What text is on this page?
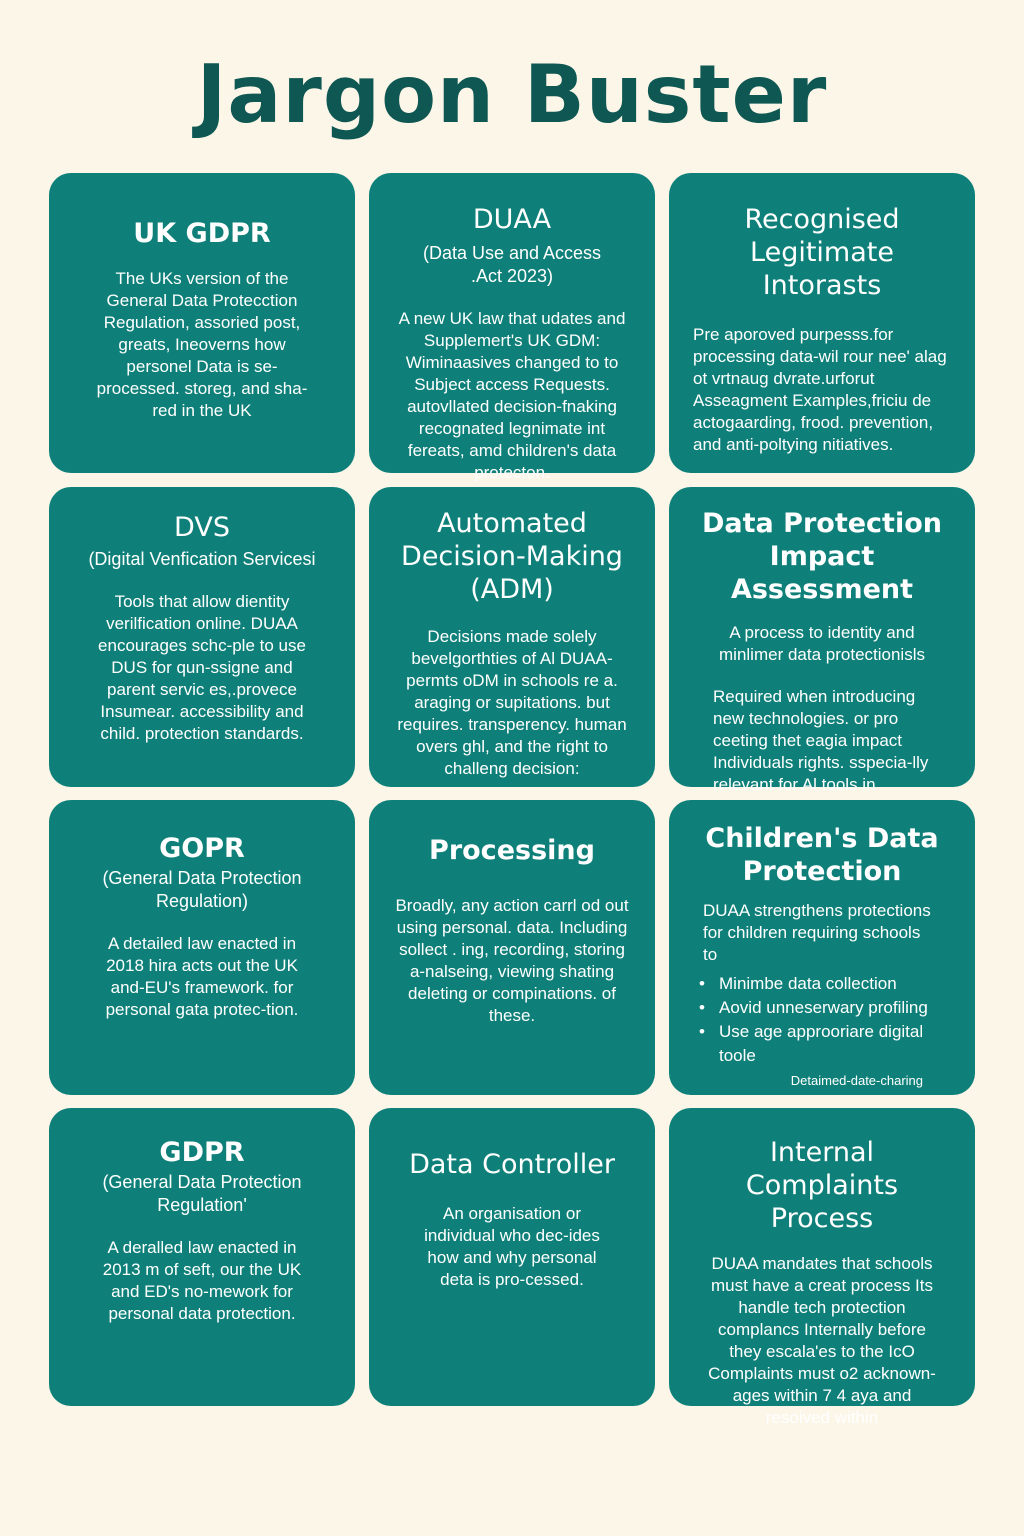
Jargon Buster
UK GDPR

The UKs version of the General Data Protecction Regulation, assoried post, greats, Ineoverns how personel Data is se-processed. storeg, and sha-red in the UK

DUAA

(Data Use and Access .Act 2023)

A new UK law that udates and Supplemert's UK GDM: Wiminaasives changed to to Subject access Requests. autovllated decision-fnaking recognated legnimate int fereats, amd children's data protecton.

Recognised Legitimate Intorasts

Pre aporoved purpesss.for processing data-wil rour nee' alag ot vrtnaug dvrate.urforut Asseagment Examples,friciu de actogaarding, frood. prevention, and anti-poltying nitiatives.

DVS

(Digital Venfication Servicesi

Tools that allow dientity verilfication online. DUAA encourages schc-ple to use DUS for qun-ssigne and parent servic es,.provece Insumear. accessibility and child. protection standards.

Automated Decision-Making (ADM)

Decisions made solely bevelgorthties of Al DUAA-permts oDM in schools re a. araging or supitations. but requires. transperency. human overs ghl, and the right to challeng decision:

Data Protection Impact Assessment

A process to identity and minlimer data protectionisls

Required when introducing new technologies. or pro ceeting thet eagia impact Individuals rights. sspecia-lly relevant for Al tools in

GOPR

(General Data Protection Regulation)

A detailed law enacted in 2018 hira acts out the UK and-EU's framework. for personal gata protec-tion.

Processing

Broadly, any action carrl od out using personal. data. Including sollect . ing, recording, storing a-nalseing, viewing shating deleting or compinations. of these.

Children's Data Protection

DUAA strengthens protections for children requiring schools to

• Minimbe data collection
• Aovid unneserwary profiling
• Use age approoriare digital toole

Detaimed-date-charing

GDPR

(General Data Protection Regulation'

A deralled law enacted in 2013 m of seft, our the UK and ED's no-mework for personal data protection.

Data Controller

An organisation or individual who dec-ides how and why personal deta is pro-cessed.

Internal Complaints Process

DUAA mandates that schools must have a creat process Its handle tech protection complancs Internally before they escala'es to the IcO Complaints must o2 acknown-ages within 7 4 aya and resoived within
